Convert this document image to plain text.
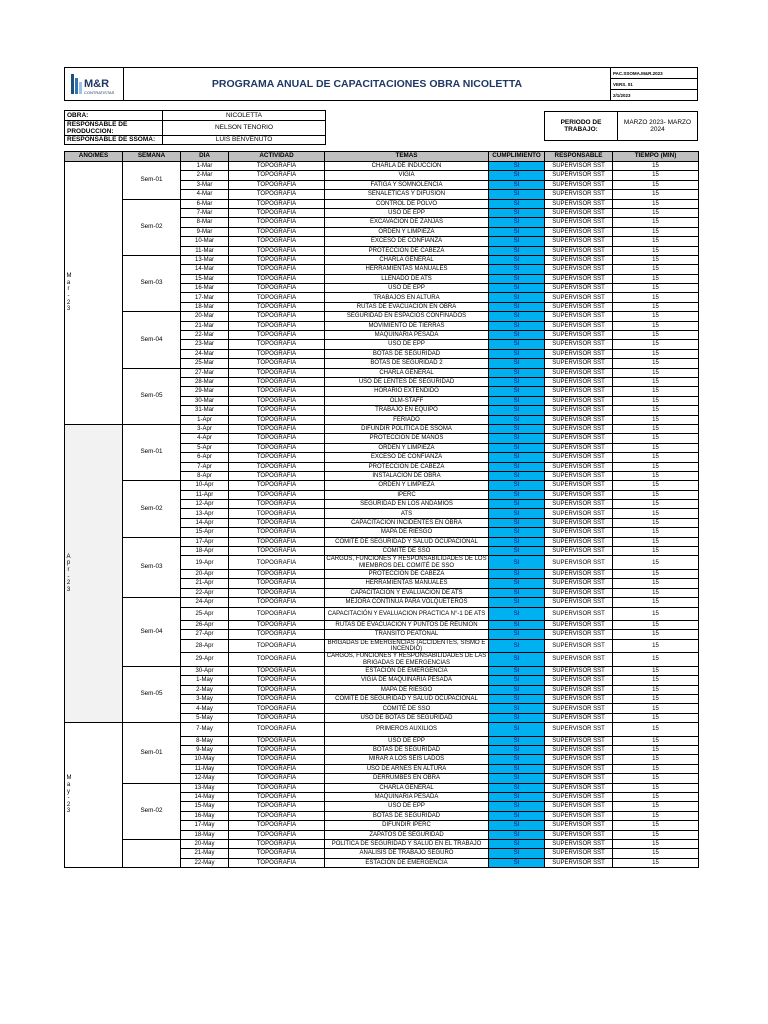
M&R
CONTRATISTAS
	PROGRAMA ANUAL DE CAPACITACIONES OBRA NICOLETTA	PAC.SSOMA.M&R.2023
VERS. 01
2/1/2023
OBRA:	NICOLETTA
RESPONSABLE DE PRODUCCION:	NELSON TENORIO
RESPONSABLE DE SSOMA:	LUIS BENVENUTO
PERIODO DE TRABAJO:	MARZO 2023- MARZO 2024
AÑO/MES	SEMANA	DÍA	ACTIVIDAD	TEMAS	CUMPLIMIENTO	RESPONSABLE	TIEMPO (MIN)
M a r - 2 3	Sem-01	1-Mar	TOPOGRAFIA	CHARLA DE INDUCCION	SI	SUPERVISOR SST	15
		2-Mar	TOPOGRAFIA	VIGIA	SI	SUPERVISOR SST	15
		3-Mar	TOPOGRAFIA	FATIGA Y SOMNOLENCIA	SI	SUPERVISOR SST	15
		4-Mar	TOPOGRAFIA	SEÑALETICAS Y DIFUSION	SI	SUPERVISOR SST	15
	Sem-02	6-Mar	TOPOGRAFIA	CONTROL DE POLVO	SI	SUPERVISOR SST	15
		7-Mar	TOPOGRAFIA	USO DE EPP	SI	SUPERVISOR SST	15
		8-Mar	TOPOGRAFIA	EXCAVACION DE ZANJAS	SI	SUPERVISOR SST	15
		9-Mar	TOPOGRAFIA	ORDEN Y LIMPIEZA	SI	SUPERVISOR SST	15
		10-Mar	TOPOGRAFIA	EXCESO DE CONFIANZA	SI	SUPERVISOR SST	15
		11-Mar	TOPOGRAFIA	PROTECCION DE CABEZA	SI	SUPERVISOR SST	15
	Sem-03	13-Mar	TOPOGRAFIA	CHARLA GENERAL	SI	SUPERVISOR SST	15
		14-Mar	TOPOGRAFIA	HERRAMIENTAS MANUALES	SI	SUPERVISOR SST	15
		15-Mar	TOPOGRAFIA	LLENADO DE ATS	SI	SUPERVISOR SST	15
		16-Mar	TOPOGRAFIA	USO DE EPP	SI	SUPERVISOR SST	15
		17-Mar	TOPOGRAFIA	TRABAJOS EN ALTURA	SI	SUPERVISOR SST	15
		18-Mar	TOPOGRAFIA	RUTAS DE EVACUACIÓN EN OBRA	SI	SUPERVISOR SST	15
	Sem-04	20-Mar	TOPOGRAFIA	SEGURIDAD EN ESPACIOS CONFINADOS	SI	SUPERVISOR SST	15
		21-Mar	TOPOGRAFIA	MOVIMIENTO DE TIERRAS	SI	SUPERVISOR SST	15
		22-Mar	TOPOGRAFIA	MAQUINARIA PESADA	SI	SUPERVISOR SST	15
		23-Mar	TOPOGRAFIA	USO DE EPP	SI	SUPERVISOR SST	15
		24-Mar	TOPOGRAFIA	BOTAS DE SEGURIDAD	SI	SUPERVISOR SST	15
		25-Mar	TOPOGRAFIA	BOTAS DE SEGURIDAD 2	SI	SUPERVISOR SST	15
	Sem-05	27-Mar	TOPOGRAFIA	CHARLA GENERAL	SI	SUPERVISOR SST	15
		28-Mar	TOPOGRAFIA	USO DE LENTES DE SEGURIDAD	SI	SUPERVISOR SST	15
		29-Mar	TOPOGRAFIA	HORARIO EXTENDIDO	SI	SUPERVISOR SST	15
		30-Mar	TOPOGRAFIA	OLM-STAFF	SI	SUPERVISOR SST	15
		31-Mar	TOPOGRAFIA	TRABAJO EN EQUIPO	SI	SUPERVISOR SST	15
		1-Apr	TOPOGRAFIA	FERIADO	SI	SUPERVISOR SST	15
A p r - 2 3	Sem-01	3-Apr	TOPOGRAFIA	DIFUNDIR POLITICA DE SSOMA	SI	SUPERVISOR SST	15
		4-Apr	TOPOGRAFIA	PROTECCION DE MANOS	SI	SUPERVISOR SST	15
		5-Apr	TOPOGRAFIA	ORDEN Y LIMPIEZA	SI	SUPERVISOR SST	15
		6-Apr	TOPOGRAFIA	EXCESO DE CONFIANZA	SI	SUPERVISOR SST	15
		7-Apr	TOPOGRAFIA	PROTECCION DE CABEZA	SI	SUPERVISOR SST	15
		8-Apr	TOPOGRAFIA	INSTALACION DE OBRA	SI	SUPERVISOR SST	15
	Sem-02	10-Apr	TOPOGRAFIA	ORDEN Y LIMPIEZA	SI	SUPERVISOR SST	15
		11-Apr	TOPOGRAFIA	IPERC	SI	SUPERVISOR SST	15
		12-Apr	TOPOGRAFIA	SEGURIDAD EN LOS ANDAMIOS	SI	SUPERVISOR SST	15
		13-Apr	TOPOGRAFIA	ATS	SI	SUPERVISOR SST	15
		14-Apr	TOPOGRAFIA	CAPACITACIÓN INCIDENTES EN OBRA	SI	SUPERVISOR SST	15
		15-Apr	TOPOGRAFIA	MAPA DE RIESGO	SI	SUPERVISOR SST	15
	Sem-03	17-Apr	TOPOGRAFIA	COMITÉ DE SEGURIDAD Y SALUD OCUPACIONAL	SI	SUPERVISOR SST	15
		18-Apr	TOPOGRAFIA	COMITÉ DE SSO	SI	SUPERVISOR SST	15
		19-Apr	TOPOGRAFIA	CARGOS, FUNCIONES Y RESPONSABILIDADES DE LOS MIEMBROS DEL COMITÉ DE SSO	SI	SUPERVISOR SST	15
		20-Apr	TOPOGRAFIA	PROTECCION DE CABEZA	SI	SUPERVISOR SST	15
		21-Apr	TOPOGRAFIA	HERRAMIENTAS MANUALES	SI	SUPERVISOR SST	15
		22-Apr	TOPOGRAFIA	CAPACITACIÓN Y EVALUACION DE ATS	SI	SUPERVISOR SST	15
	Sem-04	24-Apr	TOPOGRAFIA	MEJORA CONTINUA PARA VOLQUETEROS	SI	SUPERVISOR SST	15
		25-Apr	TOPOGRAFIA	CAPACITACIÓN Y EVALUACION PRACTICA N°-1 DE ATS	SI	SUPERVISOR SST	15
		26-Apr	TOPOGRAFIA	RUTAS DE EVACUACION Y PUNTOS DE REUNIÓN	SI	SUPERVISOR SST	15
		27-Apr	TOPOGRAFIA	TRÁNSITO PEATONAL	SI	SUPERVISOR SST	15
		28-Apr	TOPOGRAFIA	BRIGADAS DE EMERGENCIAS (ACCIDENTES, SISMO E INCENDIO)	SI	SUPERVISOR SST	15
		29-Apr	TOPOGRAFIA	CARGOS, FUNCIONES Y RESPONSABILIDADES DE LAS BRIGADAS DE EMERGENCIAS	SI	SUPERVISOR SST	15
	Sem-05	30-Apr	TOPOGRAFIA	ESTACION DE EMERGENCIA	SI	SUPERVISOR SST	15
		1-May	TOPOGRAFIA	VIGIA DE MAQUINARIA PESADA	SI	SUPERVISOR SST	15
		2-May	TOPOGRAFIA	MAPA DE RIESGO	SI	SUPERVISOR SST	15
		3-May	TOPOGRAFIA	COMITÉ DE SEGURIDAD Y SALUD OCUPACIONAL	SI	SUPERVISOR SST	15
		4-May	TOPOGRAFIA	COMITÉ DE SSO	SI	SUPERVISOR SST	15
		5-May	TOPOGRAFIA	USO DE BOTAS DE SEGURIDAD	SI	SUPERVISOR SST	15
M a y - 2 3	Sem-01	7-May	TOPOGRAFIA	PRIMEROS AUXILIOS	SI	SUPERVISOR SST	15
		8-May	TOPOGRAFIA	USO DE EPP	SI	SUPERVISOR SST	15
		9-May	TOPOGRAFIA	BOTAS DE SEGURIDAD	SI	SUPERVISOR SST	15
		10-May	TOPOGRAFIA	MIRAR A LOS SEIS LADOS	SI	SUPERVISOR SST	15
		11-May	TOPOGRAFIA	USO DE ARNES EN ALTURA	SI	SUPERVISOR SST	15
		12-May	TOPOGRAFIA	DERRUMBES EN OBRA	SI	SUPERVISOR SST	15
	Sem-02	13-May	TOPOGRAFIA	CHARLA GENERAL	SI	SUPERVISOR SST	15
		14-May	TOPOGRAFIA	MAQUINARIA PESADA	SI	SUPERVISOR SST	15
		15-May	TOPOGRAFIA	USO DE EPP	SI	SUPERVISOR SST	15
		16-May	TOPOGRAFIA	BOTAS DE SEGURIDAD	SI	SUPERVISOR SST	15
		17-May	TOPOGRAFIA	DIFUNDIR IPERC	SI	SUPERVISOR SST	15
		18-May	TOPOGRAFIA	ZAPATOS DE SEGURIDAD	SI	SUPERVISOR SST	15
		20-May	TOPOGRAFIA	POLITICA DE SEGURIDAD Y SALUD EN EL TRABAJO	SI	SUPERVISOR SST	15
		21-May	TOPOGRAFIA	ANALISIS DE TRABAJO SEGURO	SI	SUPERVISOR SST	15
		22-May	TOPOGRAFIA	ESTACION DE EMERGENCIA	SI	SUPERVISOR SST	15
